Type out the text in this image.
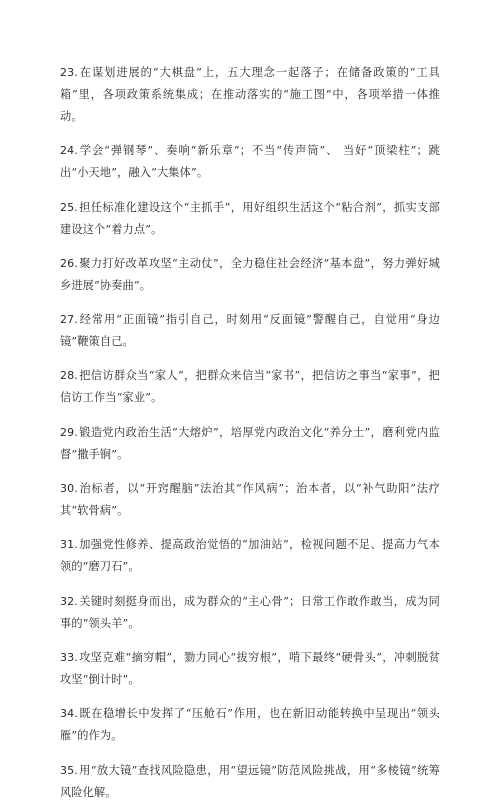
23.在谋划进展的“大棋盘”上，五大理念一起落子；在储备政策的“工具箱”里，各项政策系统集成；在推动落实的“施工图”中，各项举措一体推动。

24.学会“弹钢琴”、奏响“新乐章”；不当“传声筒”、 当好“顶梁柱”；跳出“小天地”，融入“大集体”。

25.担任标准化建设这个“主抓手”，用好组织生活这个“粘合剂”，抓实支部建设这个“着力点”。

26.聚力打好改革攻坚“主动仗”，全力稳住社会经济“基本盘”，努力弹好城乡进展“协奏曲”。

27.经常用“正面镜”指引自己，时刻用“反面镜”警醒自己，自觉用“身边镜”鞭策自己。

28.把信访群众当“家人”，把群众来信当“家书”，把信访之事当“家事”，把信访工作当“家业”。

29.锻造党内政治生活“大熔炉”，培厚党内政治文化“养分土”，磨利党内监督“撒手锏”。

30.治标者，以“开窍醒脑”法治其“作风病”；治本者，以“补气助阳”法疗其“软骨病”。

31.加强党性修养、提高政治觉悟的“加油站”，检视问题不足、提高力气本领的“磨刀石”。

32.关键时刻挺身而出，成为群众的“主心骨”；日常工作敢作敢当，成为同事的“领头羊”。

33.攻坚克难“摘穷帽”，勠力同心“拔穷根”，啃下最终“硬骨头”，冲刺脱贫攻坚“倒计时”。

34.既在稳增长中发挥了“压舱石”作用，也在新旧动能转换中呈现出“领头雁”的作为。

35.用“放大镜”查找风险隐患，用“望远镜”防范风险挑战，用“多棱镜”统筹风险化解。
